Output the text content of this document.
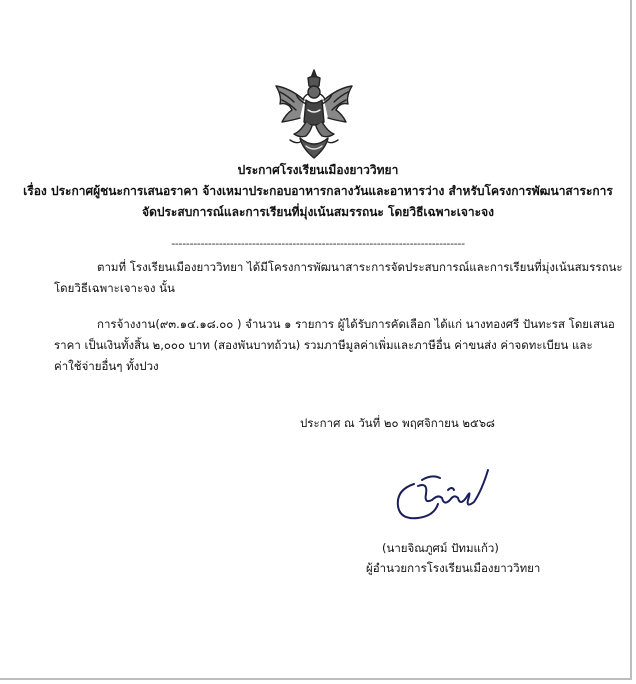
ประกาศโรงเรียนเมืองยาววิทยา
เรื่อง ประกาศผู้ชนะการเสนอราคา จ้างเหมาประกอบอาหารกลางวันและอาหารว่าง สำหรับโครงการพัฒนาสาระการ
จัดประสบการณ์และการเรียนที่มุ่งเน้นสมรรถนะ โดยวิธีเฉพาะเจาะจง
--------------------------------------------------------------------------------
ตามที่ โรงเรียนเมืองยาววิทยา ได้มีโครงการพัฒนาสาระการจัดประสบการณ์และการเรียนที่มุ่งเน้นสมรรถนะ
โดยวิธีเฉพาะเจาะจง นั้น
การจ้างงาน(๙๓.๑๔.๑๘.๐๐ ) จำนวน ๑ รายการ ผู้ได้รับการคัดเลือก ได้แก่ นางทองศรี ปันทะรส โดยเสนอ
ราคา เป็นเงินทั้งสิ้น ๒,๐๐๐ บาท (สองพันบาทถ้วน) รวมภาษีมูลค่าเพิ่มและภาษีอื่น ค่าขนส่ง ค่าจดทะเบียน และ
ค่าใช้จ่ายอื่นๆ ทั้งปวง
ประกาศ ณ วันที่ ๒๐ พฤศจิกายน ๒๕๖๘
(นายจิณภูศม์ ปัทมแก้ว)
ผู้อำนวยการโรงเรียนเมืองยาววิทยา
